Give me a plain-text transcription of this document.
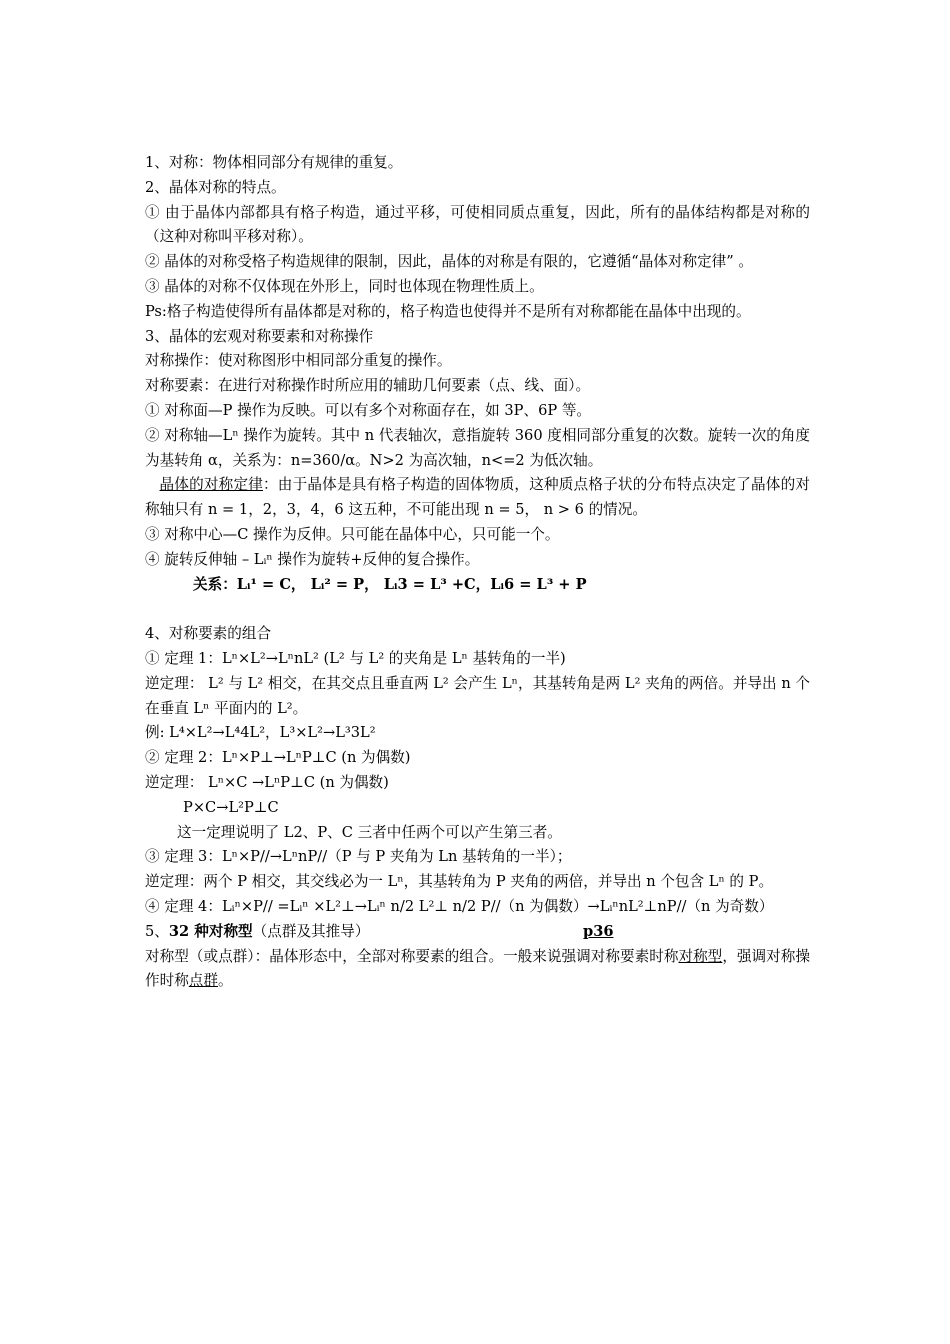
1、对称：物体相同部分有规律的重复。
2、晶体对称的特点。
① 由于晶体内部都具有格子构造，通过平移，可使相同质点重复，因此，所有的晶体结构都是对称的（这种对称叫平移对称）。
② 晶体的对称受格子构造规律的限制，因此，晶体的对称是有限的，它遵循“晶体对称定律” 。
③ 晶体的对称不仅体现在外形上，同时也体现在物理性质上。
Ps:格子构造使得所有晶体都是对称的，格子构造也使得并不是所有对称都能在晶体中出现的。
3、晶体的宏观对称要素和对称操作
对称操作：使对称图形中相同部分重复的操作。
对称要素：在进行对称操作时所应用的辅助几何要素（点、线、面）。
① 对称面—P 操作为反映。可以有多个对称面存在，如 3P、6P 等。
② 对称轴—Lⁿ 操作为旋转。其中 n 代表轴次，意指旋转 360 度相同部分重复的次数。旋转一次的角度为基转角 α，关系为：n=360/α。N>2 为高次轴，n<=2 为低次轴。
晶体的对称定律：由于晶体是具有格子构造的固体物质，这种质点格子状的分布特点决定了晶体的对称轴只有 n = 1，2，3，4，6 这五种，不可能出现 n = 5， n > 6 的情况。
③ 对称中心—C 操作为反伸。只可能在晶体中心，只可能一个。
④ 旋转反伸轴 – Lᵢⁿ 操作为旋转+反伸的复合操作。
关系：Lᵢ¹ = C， Lᵢ² = P， Lᵢ3 = L³ +C，Lᵢ6 = L³ + P
4、对称要素的组合
① 定理 1：Lⁿ×L²→LⁿnL² (L² 与 L² 的夹角是 Lⁿ 基转角的一半)
逆定理： L² 与 L² 相交，在其交点且垂直两 L² 会产生 Lⁿ，其基转角是两 L² 夹角的两倍。并导出 n 个在垂直 Lⁿ 平面内的 L²。
例: L⁴×L²→L⁴4L²，L³×L²→L³3L²
② 定理 2：Lⁿ×P⊥→LⁿP⊥C (n 为偶数)
逆定理： Lⁿ×C →LⁿP⊥C (n 为偶数)
P×C→L²P⊥C
这一定理说明了 L2、P、C 三者中任两个可以产生第三者。
③ 定理 3：Lⁿ×P//→LⁿnP//（P 与 P 夹角为 Ln 基转角的一半）；
逆定理：两个 P 相交，其交线必为一 Lⁿ，其基转角为 P 夹角的两倍，并导出 n 个包含 Lⁿ 的 P。
④ 定理 4：Lᵢⁿ×P// =Lᵢⁿ ×L²⊥→Lᵢⁿ n/2 L²⊥ n/2 P//（n 为偶数）→LᵢⁿnL²⊥nP//（n 为奇数）
5、32 种对称型（点群及其推导）	p36
对称型（或点群）：晶体形态中，全部对称要素的组合。一般来说强调对称要素时称对称型，强调对称操作时称点群。
